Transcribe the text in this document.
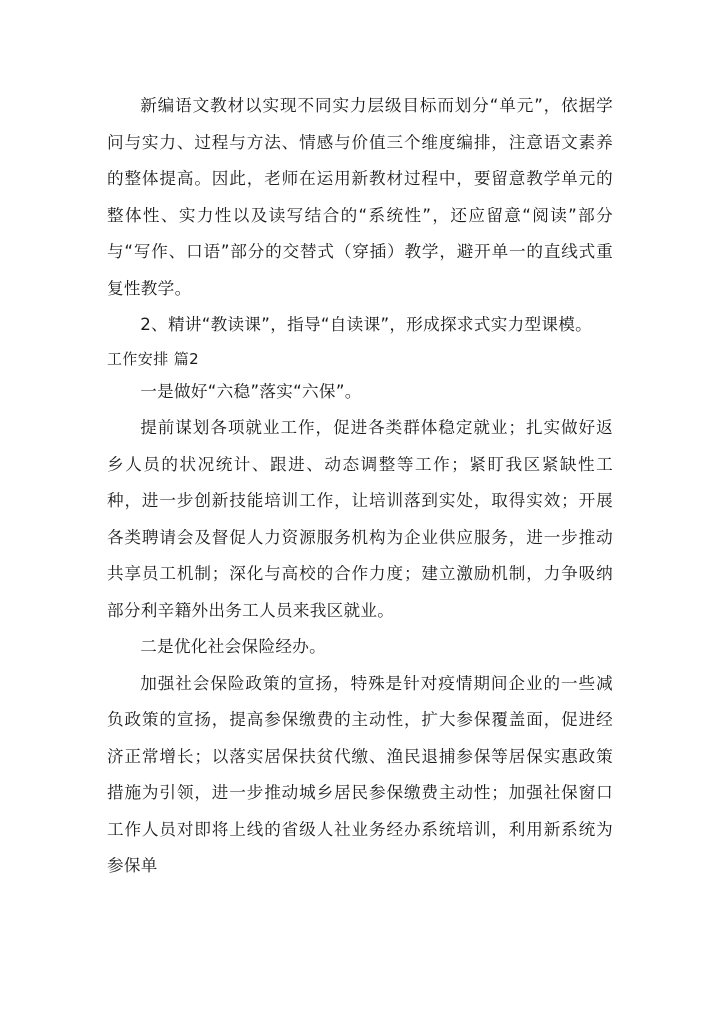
新编语文教材以实现不同实力层级目标而划分“单元”，依据学问与实力、过程与方法、情感与价值三个维度编排，注意语文素养的整体提高。因此，老师在运用新教材过程中，要留意教学单元的整体性、实力性以及读写结合的“系统性”，还应留意“阅读”部分与“写作、口语”部分的交替式（穿插）教学，避开单一的直线式重复性教学。

2、精讲“教读课”，指导“自读课”，形成探求式实力型课模。

工作安排 篇2

一是做好“六稳”落实“六保”。

提前谋划各项就业工作，促进各类群体稳定就业；扎实做好返乡人员的状况统计、跟进、动态调整等工作；紧盯我区紧缺性工种，进一步创新技能培训工作，让培训落到实处，取得实效；开展各类聘请会及督促人力资源服务机构为企业供应服务，进一步推动共享员工机制；深化与高校的合作力度；建立激励机制，力争吸纳部分利辛籍外出务工人员来我区就业。

二是优化社会保险经办。

加强社会保险政策的宣扬，特殊是针对疫情期间企业的一些减负政策的宣扬，提高参保缴费的主动性，扩大参保覆盖面，促进经济正常增长；以落实居保扶贫代缴、渔民退捕参保等居保实惠政策措施为引领，进一步推动城乡居民参保缴费主动性；加强社保窗口工作人员对即将上线的省级人社业务经办系统培训，利用新系统为参保单
